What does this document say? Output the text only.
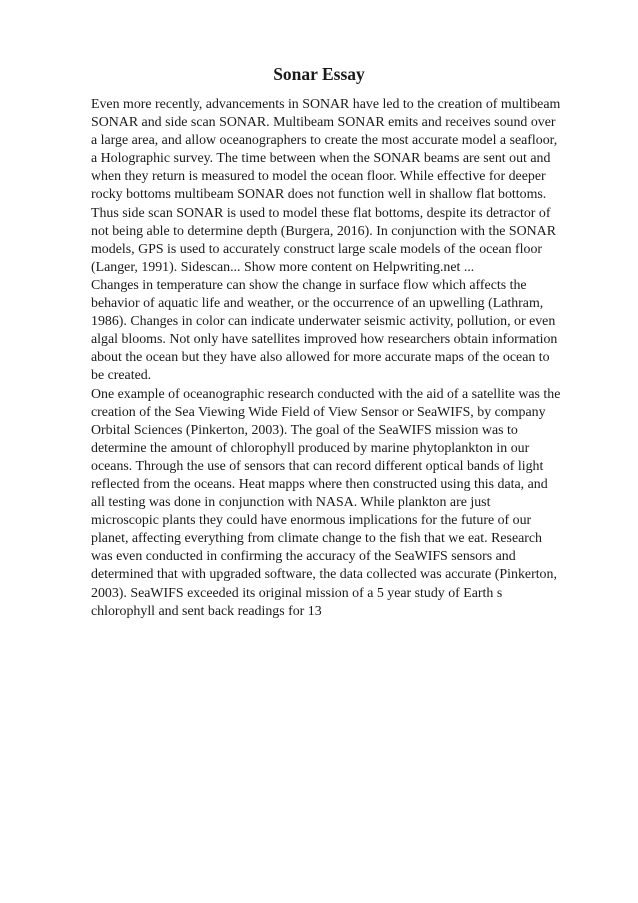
Sonar Essay

Even more recently, advancements in SONAR have led to the creation of multibeam SONAR and side scan SONAR. Multibeam SONAR emits and receives sound over a large area, and allow oceanographers to create the most accurate model a seafloor, a Holographic survey. The time between when the SONAR beams are sent out and when they return is measured to model the ocean floor. While effective for deeper rocky bottoms multibeam SONAR does not function well in shallow flat bottoms. Thus side scan SONAR is used to model these flat bottoms, despite its detractor of not being able to determine depth (Burgera, 2016). In conjunction with the SONAR models, GPS is used to accurately construct large scale models of the ocean floor (Langer, 1991). Sidescan... Show more content on Helpwriting.net ...

Changes in temperature can show the change in surface flow which affects the behavior of aquatic life and weather, or the occurrence of an upwelling (Lathram, 1986). Changes in color can indicate underwater seismic activity, pollution, or even algal blooms. Not only have satellites improved how researchers obtain information about the ocean but they have also allowed for more accurate maps of the ocean to be created.

One example of oceanographic research conducted with the aid of a satellite was the creation of the Sea Viewing Wide Field of View Sensor or SeaWIFS, by company Orbital Sciences (Pinkerton, 2003). The goal of the SeaWIFS mission was to determine the amount of chlorophyll produced by marine phytoplankton in our oceans. Through the use of sensors that can record different optical bands of light reflected from the oceans. Heat mapps where then constructed using this data, and all testing was done in conjunction with NASA. While plankton are just microscopic plants they could have enormous implications for the future of our planet, affecting everything from climate change to the fish that we eat. Research was even conducted in confirming the accuracy of the SeaWIFS sensors and determined that with upgraded software, the data collected was accurate (Pinkerton, 2003). SeaWIFS exceeded its original mission of a 5 year study of Earth s chlorophyll and sent back readings for 13
